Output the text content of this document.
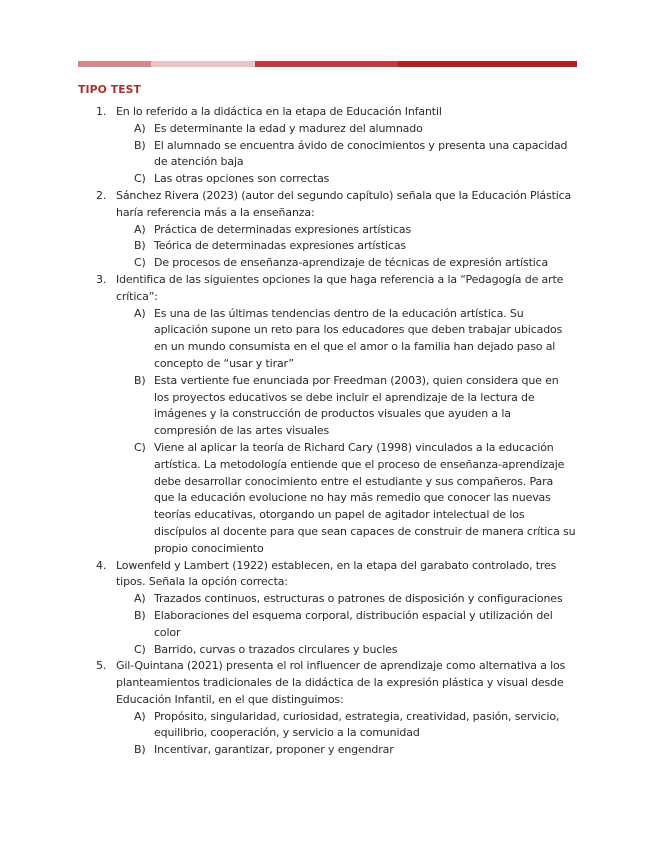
TIPO TEST
1. En lo referido a la didáctica en la etapa de Educación Infantil
A) Es determinante la edad y madurez del alumnado
B) El alumnado se encuentra ávido de conocimientos y presenta una capacidad de atención baja
C) Las otras opciones son correctas
2. Sánchez Rivera (2023) (autor del segundo capítulo) señala que la Educación Plástica haría referencia más a la enseñanza:
A) Práctica de determinadas expresiones artísticas
B) Teórica de determinadas expresiones artísticas
C) De procesos de enseñanza-aprendizaje de técnicas de expresión artística
3. Identifica de las siguientes opciones la que haga referencia a la “Pedagogía de arte crítica”:
A) Es una de las últimas tendencias dentro de la educación artística. Su aplicación supone un reto para los educadores que deben trabajar ubicados en un mundo consumista en el que el amor o la familia han dejado paso al concepto de “usar y tirar”
B) Esta vertiente fue enunciada por Freedman (2003), quien considera que en los proyectos educativos se debe incluir el aprendizaje de la lectura de imágenes y la construcción de productos visuales que ayuden a la compresión de las artes visuales
C) Viene al aplicar la teoría de Richard Cary (1998) vinculados a la educación artística. La metodología entiende que el proceso de enseñanza-aprendizaje debe desarrollar conocimiento entre el estudiante y sus compañeros. Para que la educación evolucione no hay más remedio que conocer las nuevas teorías educativas, otorgando un papel de agitador intelectual de los discípulos al docente para que sean capaces de construir de manera crítica su propio conocimiento
4. Lowenfeld y Lambert (1922) establecen, en la etapa del garabato controlado, tres tipos. Señala la opción correcta:
A) Trazados continuos, estructuras o patrones de disposición y configuraciones
B) Elaboraciones del esquema corporal, distribución espacial y utilización del color
C) Barrido, curvas o trazados circulares y bucles
5. Gil-Quintana (2021) presenta el rol influencer de aprendizaje como alternativa a los planteamientos tradicionales de la didáctica de la expresión plástica y visual desde Educación Infantil, en el que distinguimos:
A) Propósito, singularidad, curiosidad, estrategia, creatividad, pasión, servicio, equilibrio, cooperación, y servicio a la comunidad
B) Incentivar, garantizar, proponer y engendrar
